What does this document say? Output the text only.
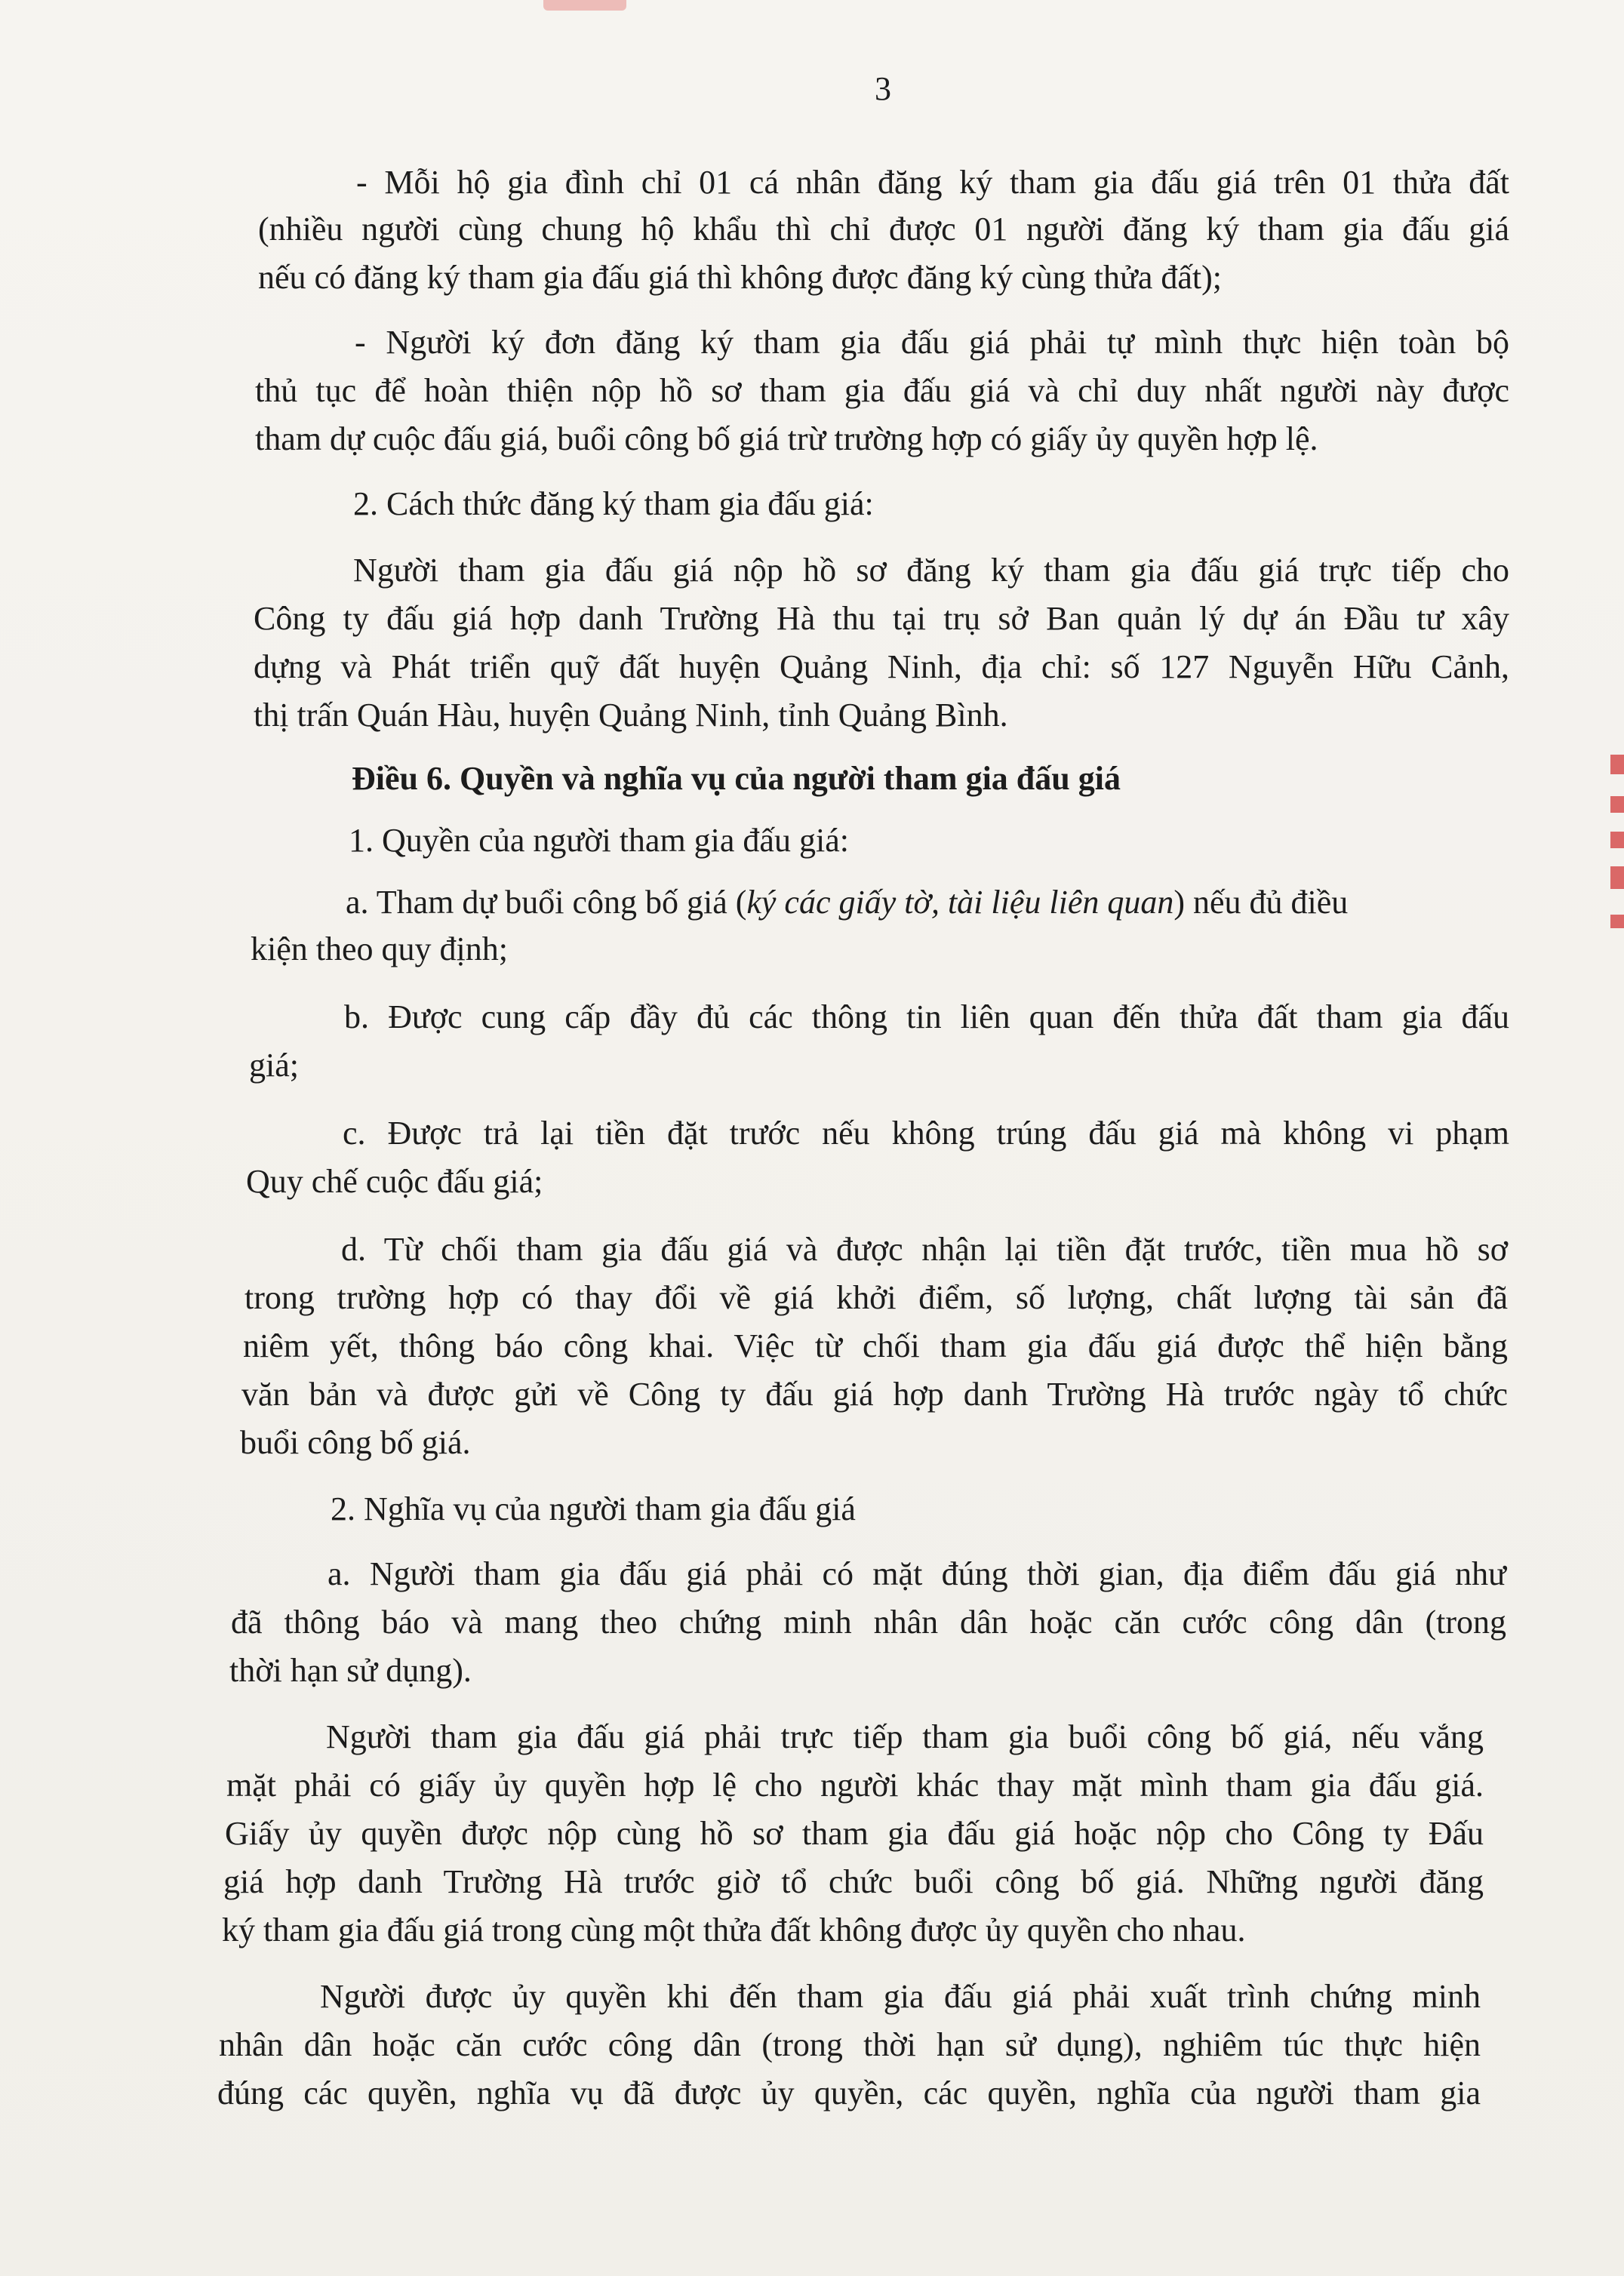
3
- Mỗi hộ gia đình chỉ 01 cá nhân đăng ký tham gia đấu giá trên 01 thửa đất
(nhiều người cùng chung hộ khẩu thì chỉ được 01 người đăng ký tham gia đấu giá
nếu có đăng ký tham gia đấu giá thì không được đăng ký cùng thửa đất);
- Người ký đơn đăng ký tham gia đấu giá phải tự mình thực hiện toàn bộ
thủ tục để hoàn thiện nộp hồ sơ tham gia đấu giá và chỉ duy nhất người này được
tham dự cuộc đấu giá, buổi công bố giá trừ trường hợp có giấy ủy quyền hợp lệ.
2. Cách thức đăng ký tham gia đấu giá:
Người tham gia đấu giá nộp hồ sơ đăng ký tham gia đấu giá trực tiếp cho
Công ty đấu giá hợp danh Trường Hà thu tại trụ sở Ban quản lý dự án Đầu tư xây
dựng và Phát triển quỹ đất huyện Quảng Ninh, địa chỉ: số 127 Nguyễn Hữu Cảnh,
thị trấn Quán Hàu, huyện Quảng Ninh, tỉnh Quảng Bình.
Điều 6. Quyền và nghĩa vụ của người tham gia đấu giá
1. Quyền của người tham gia đấu giá:
a. Tham dự buổi công bố giá (ký các giấy tờ, tài liệu liên quan) nếu đủ điều
kiện theo quy định;
b. Được cung cấp đầy đủ các thông tin liên quan đến thửa đất tham gia đấu
giá;
c. Được trả lại tiền đặt trước nếu không trúng đấu giá mà không vi phạm
Quy chế cuộc đấu giá;
d. Từ chối tham gia đấu giá và được nhận lại tiền đặt trước, tiền mua hồ sơ
trong trường hợp có thay đổi về giá khởi điểm, số lượng, chất lượng tài sản đã
niêm yết, thông báo công khai. Việc từ chối tham gia đấu giá được thể hiện bằng
văn bản và được gửi về Công ty đấu giá hợp danh Trường Hà trước ngày tổ chức
buổi công bố giá.
2. Nghĩa vụ của người tham gia đấu giá
a. Người tham gia đấu giá phải có mặt đúng thời gian, địa điểm đấu giá như
đã thông báo và mang theo chứng minh nhân dân hoặc căn cước công dân (trong
thời hạn sử dụng).
Người tham gia đấu giá phải trực tiếp tham gia buổi công bố giá, nếu vắng
mặt phải có giấy ủy quyền hợp lệ cho người khác thay mặt mình tham gia đấu giá.
Giấy ủy quyền được nộp cùng hồ sơ tham gia đấu giá hoặc nộp cho Công ty Đấu
giá hợp danh Trường Hà trước giờ tổ chức buổi công bố giá. Những người đăng
ký tham gia đấu giá trong cùng một thửa đất không được ủy quyền cho nhau.
Người được ủy quyền khi đến tham gia đấu giá phải xuất trình chứng minh
nhân dân hoặc căn cước công dân (trong thời hạn sử dụng), nghiêm túc thực hiện
đúng các quyền, nghĩa vụ đã được ủy quyền, các quyền, nghĩa của người tham gia
